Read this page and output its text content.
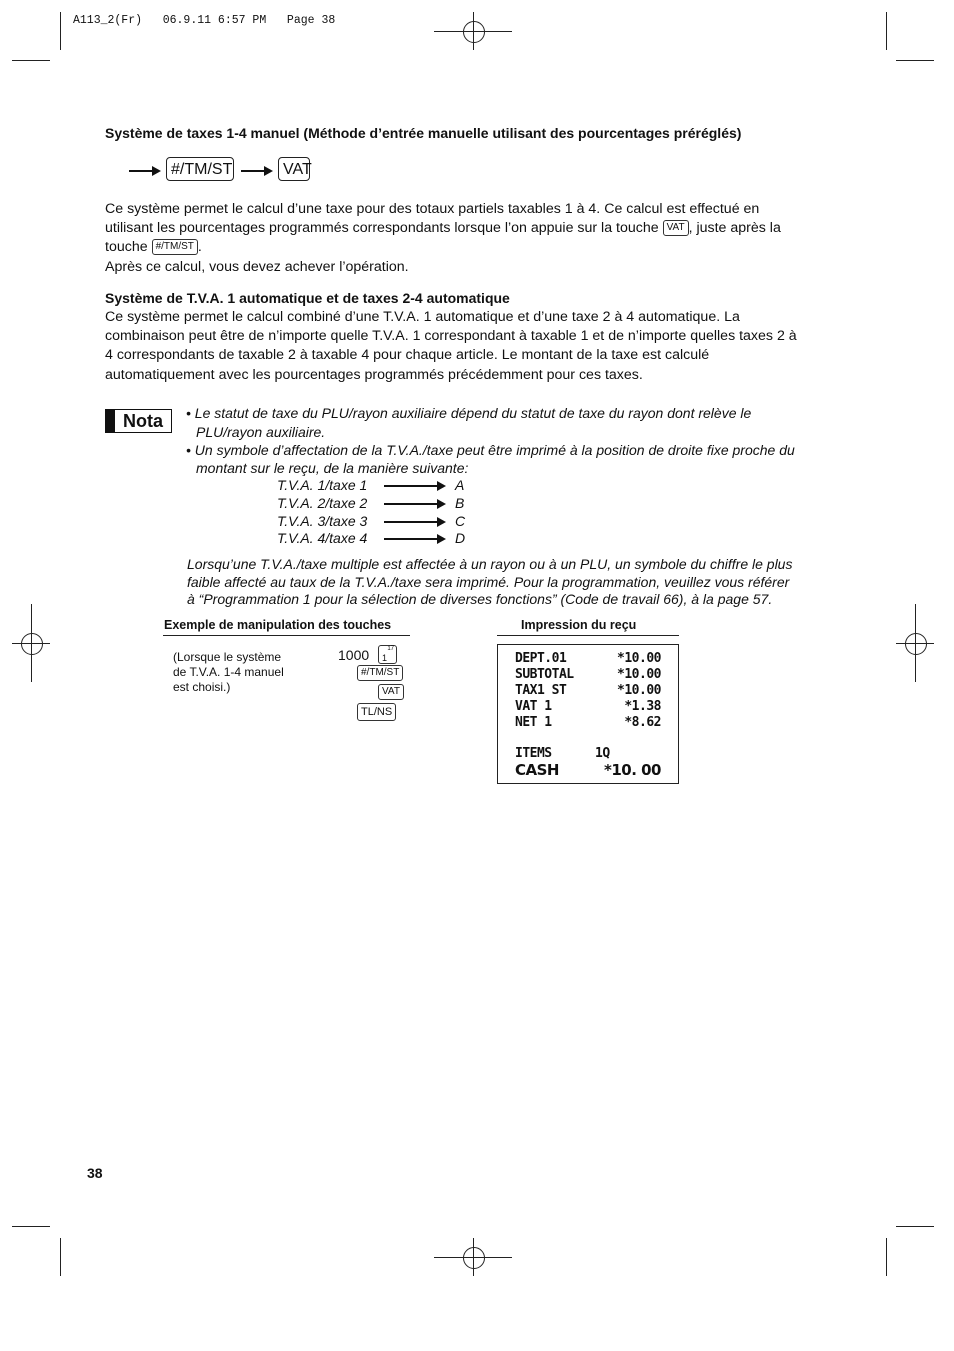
A113_2(Fr)   06.9.11 6:57 PM   Page 38
Système de taxes 1-4 manuel (Méthode d’entrée manuelle utilisant des pourcentages préréglés)
#/TM/ST	VAT
Ce système permet le calcul d’une taxe pour des totaux partiels taxables 1 à 4. Ce calcul est effectué en
utilisant les pourcentages programmés correspondants lorsque l’on appuie sur la touche VAT , juste après la
touche #/TM/ST .
Après ce calcul, vous devez achever l’opération.
Système de T.V.A. 1 automatique et de taxes 2-4 automatique
Ce système permet le calcul combiné d’une T.V.A. 1 automatique et d’une taxe 2 à 4 automatique. La
combinaison peut être de n’importe quelle T.V.A. 1 correspondant à taxable 1 et de n’importe quelles taxes 2 à
4 correspondants de taxable 2 à taxable 4 pour chaque article. Le montant de la taxe est calculé
automatiquement avec les pourcentages programmés précédemment pour ces taxes.
Nota • Le statut de taxe du PLU/rayon auxiliaire dépend du statut de taxe du rayon dont relève le
PLU/rayon auxiliaire.
• Un symbole d’affectation de la T.V.A./taxe peut être imprimé à la position de droite fixe proche du
montant sur le reçu, de la manière suivante:
T.V.A. 1/taxe 1	A
T.V.A. 2/taxe 2	B
T.V.A. 3/taxe 3	C
T.V.A. 4/taxe 4	D
Lorsqu’une T.V.A./taxe multiple est affectée à un rayon ou à un PLU, un symbole du chiffre le plus
faible affecté au taux de la T.V.A./taxe sera imprimé. Pour la programmation, veuillez vous référer
à “Programmation 1 pour la sélection de diverses fonctions” (Code de travail 66), à la page 57.
Exemple de manipulation des touches
(Lorsque le système
de T.V.A. 1-4 manuel
est choisi.)
1000	17
1
#/TM/ST
VAT
TL/NS
Impression du reçu
DEPT.01	*10.00
SUBTOTAL	*10.00
TAX1 ST	*10.00
VAT 1	*1.38
NET 1	*8.62
ITEMS	1Q
CASH	*10. 00
38
